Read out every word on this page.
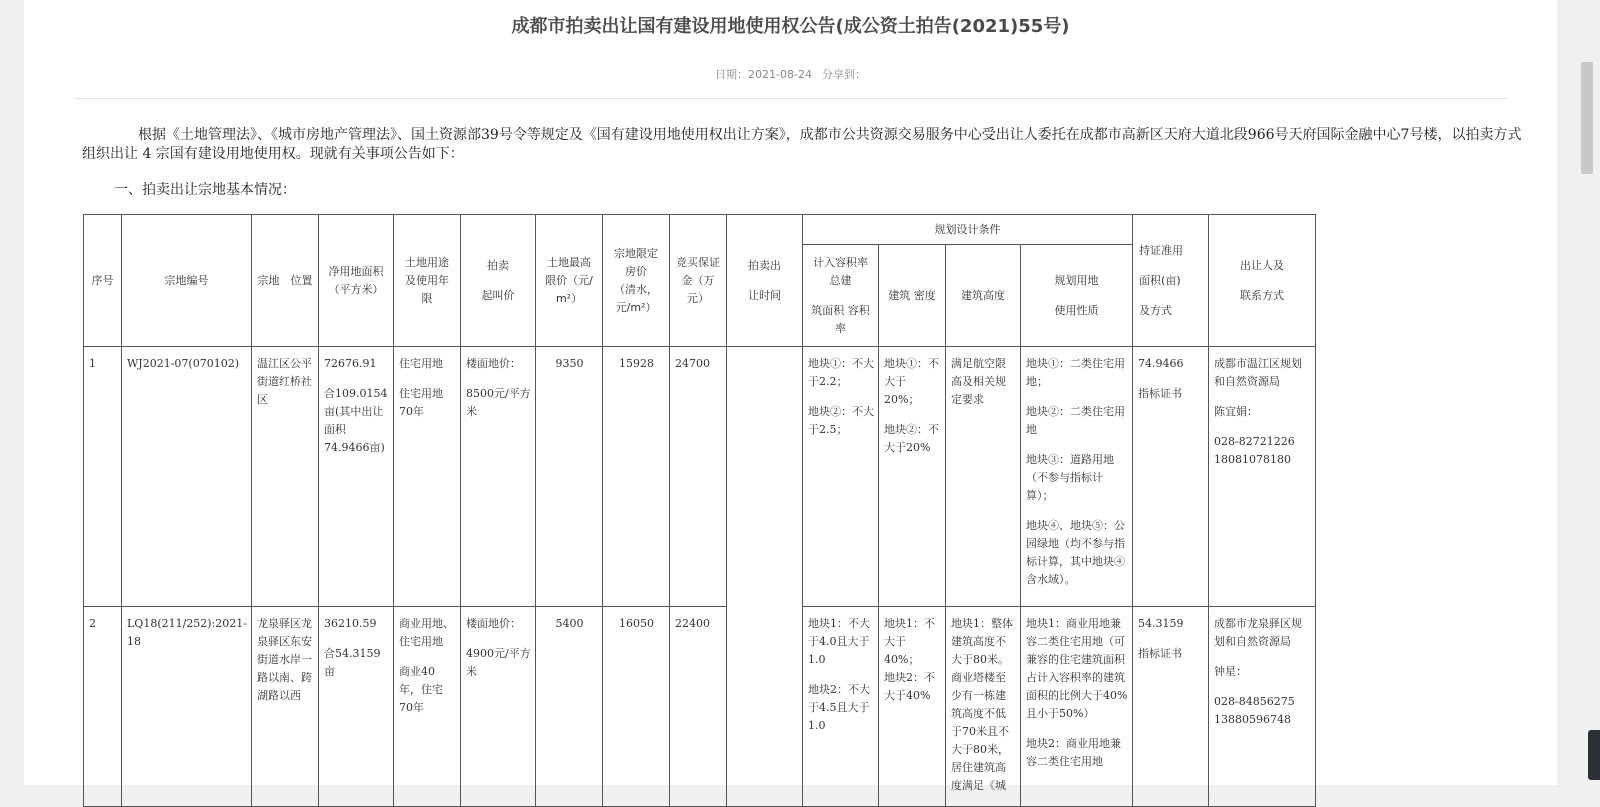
成都市拍卖出让国有建设用地使用权公告(成公资土拍告(2021)55号)
日期：2021-08-24 分享到：
根据《土地管理法》、《城市房地产管理法》、国土资源部39号令等规定及《国有建设用地使用权出让方案》，成都市公共资源交易服务中心受出让人委托在成都市高新区天府大道北段966号天府国际金融中心7号楼，以拍卖方式组织出让 4 宗国有建设用地使用权。现就有关事项公告如下：
一、拍卖出让宗地基本情况：
序号	宗地编号	宗地　位置	净用地面积
（平方米）	土地用途
及使用年
限	拍卖
起叫价	土地最高
限价（元/
m²）	宗地限定
房价
（清水，
元/m²）	竞买保证
金（万
元）	拍卖出
让时间	规划设计条件				持证准用
面积(亩)
及方式	出让人及
联系方式

										计入容积率
总建
筑面积 容积
率	建筑 密度	建筑高度	规划用地
使用性质		

1	WJ2021-07(070102)	温江区公平街道红桥社区	72676.91
合109.0154亩(其中出让面积 74.9466亩)	住宅用地
住宅用地70年	楼面地价：
8500元/平方米	9350	15928	24700		地块①：不大于2.2；
地块②：不大于2.5；	地块①：不大于20%；
地块②：不大于20%	满足航空限高及相关规定要求	地块①：二类住宅用地；
地块②：二类住宅用地
地块③：道路用地（不参与指标计算）；
地块④、地块⑤：公园绿地（均不参与指标计算，其中地块④含水域）。	74.9466
指标证书	成都市温江区规划和自然资源局
陈宜娟：
028-82721226
18081078180

2	LQ18(211/252):2021-18	龙泉驿区龙泉驿区东安街道水岸一路以南、跨湖路以西	36210.59
合54.3159亩	商业用地、住宅用地
商业40年，住宅70年	楼面地价：
4900元/平方米	5400	16050	22400		地块1：不大于4.0且大于1.0
地块2：不大于4.5且大于1.0	地块1：不大于40%；
地块2：不大于40%	地块1：整体建筑高度不大于80米。商业塔楼至少有一栋建筑高度不低于70米且不大于80米，居住建筑高度满足《城	地块1：商业用地兼容二类住宅用地（可兼容的住宅建筑面积占计入容积率的建筑面积的比例大于40%且小于50%）
地块2：商业用地兼容二类住宅用地	54.3159
指标证书	成都市龙泉驿区规划和自然资源局
钟星：
028-84856275
13880596748
